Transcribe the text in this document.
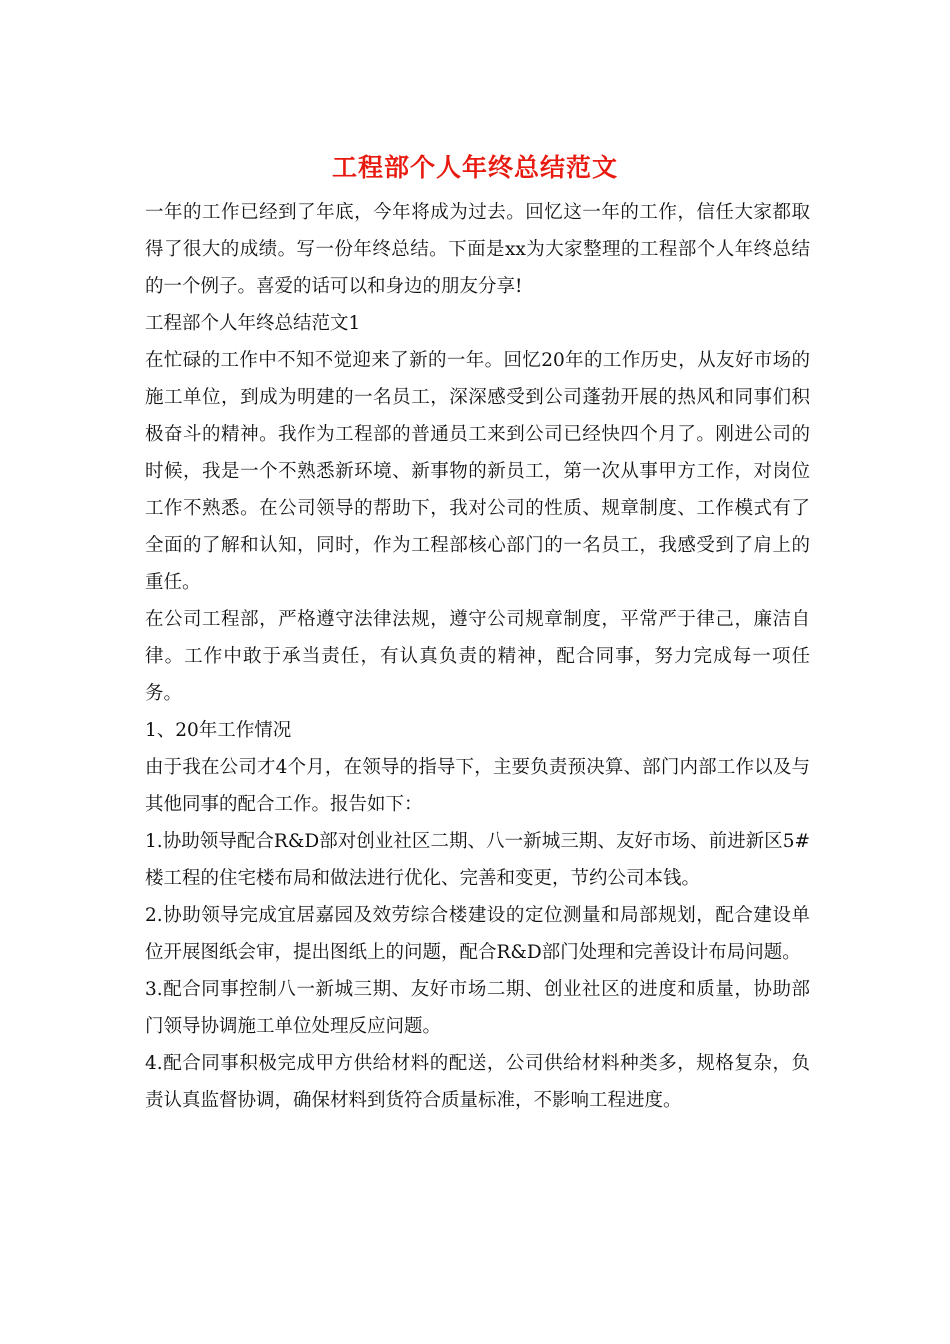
工程部个人年终总结范文

一年的工作已经到了年底，今年将成为过去。回忆这一年的工作，信任大家都取得了很大的成绩。写一份年终总结。下面是xx为大家整理的工程部个人年终总结的一个例子。喜爱的话可以和身边的朋友分享!

工程部个人年终总结范文1

在忙碌的工作中不知不觉迎来了新的一年。回忆20年的工作历史，从友好市场的施工单位，到成为明建的一名员工，深深感受到公司蓬勃开展的热风和同事们积极奋斗的精神。我作为工程部的普通员工来到公司已经快四个月了。刚进公司的时候，我是一个不熟悉新环境、新事物的新员工，第一次从事甲方工作，对岗位工作不熟悉。在公司领导的帮助下，我对公司的性质、规章制度、工作模式有了全面的了解和认知，同时，作为工程部核心部门的一名员工，我感受到了肩上的重任。

在公司工程部，严格遵守法律法规，遵守公司规章制度，平常严于律己，廉洁自律。工作中敢于承当责任，有认真负责的精神，配合同事，努力完成每一项任务。

1、20年工作情况

由于我在公司才4个月，在领导的指导下，主要负责预决算、部门内部工作以及与其他同事的配合工作。报告如下：

1.协助领导配合R&D部对创业社区二期、八一新城三期、友好市场、前进新区5#楼工程的住宅楼布局和做法进行优化、完善和变更，节约公司本钱。

2.协助领导完成宜居嘉园及效劳综合楼建设的定位测量和局部规划，配合建设单位开展图纸会审，提出图纸上的问题，配合R&D部门处理和完善设计布局问题。

3.配合同事控制八一新城三期、友好市场二期、创业社区的进度和质量，协助部门领导协调施工单位处理反应问题。

4.配合同事积极完成甲方供给材料的配送，公司供给材料种类多，规格复杂，负责认真监督协调，确保材料到货符合质量标准，不影响工程进度。
